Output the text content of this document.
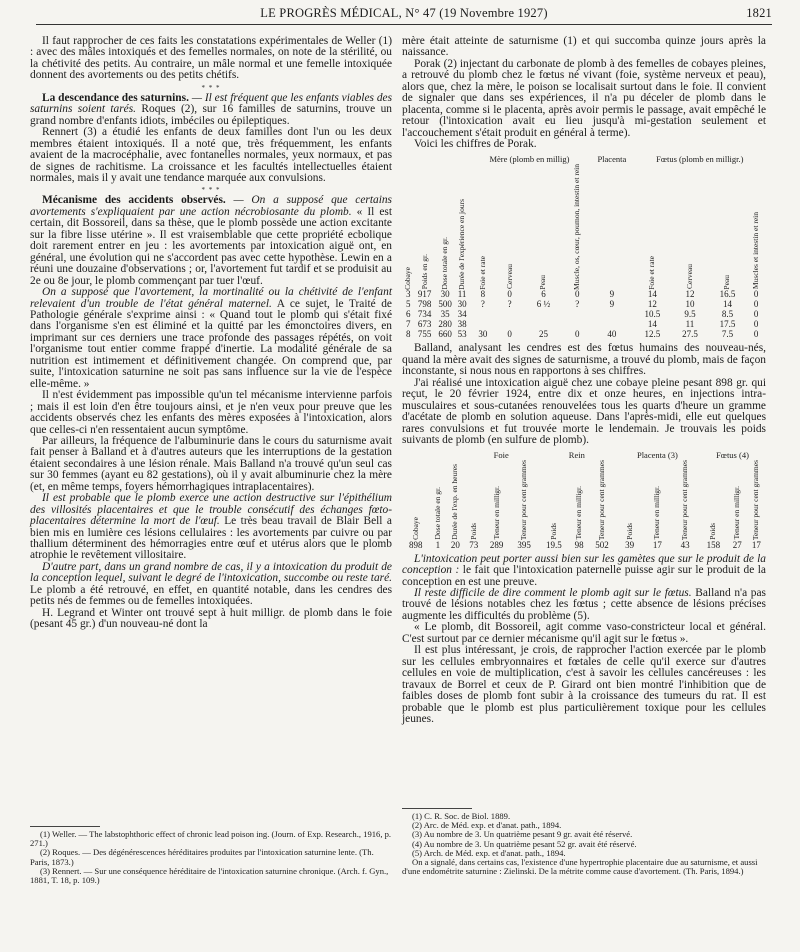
LE PROGRÈS MÉDICAL, N° 47 (19 Novembre 1927)	1821

Il faut rapprocher de ces faits les constatations expérimentales de Weller (1) : avec des mâles intoxiqués et des femelles normales, on note de la stérilité, ou la chétivité des petits. Au contraire, un mâle normal et une femelle intoxiquée donnent des avortements ou des petits chétifs.

* * *

La descendance des saturnins. — Il est fréquent que les enfants viables des saturnins soient tarés. Roques (2), sur 16 familles de saturnins, trouve un grand nombre d'enfants idiots, imbéciles ou épileptiques.

Rennert (3) a étudié les enfants de deux familles dont l'un ou les deux membres étaient intoxiqués. Il a noté que, très fréquemment, les enfants avaient de la macrocéphalie, avec fontanelles normales, yeux normaux, et pas de signes de rachitisme. La croissance et les facultés intellectuelles étaient normales, mais il y avait une tendance marquée aux convulsions.

* * *

Mécanisme des accidents observés. — On a supposé que certains avortements s'expliquaient par une action nécrobiosante du plomb. « Il est certain, dit Bossoreil, dans sa thèse, que le plomb possède une action excitante sur la fibre lisse utérine ». Il est vraisemblable que cette propriété ecbolique doit rarement entrer en jeu : les avortements par intoxication aiguë ont, en général, une évolution qui ne s'accordent pas avec cette hypothèse. Lewin en a réuni une douzaine d'observations ; or, l'avortement fut tardif et se produisit au 2e ou 8e jour, le plomb commençant par tuer l'œuf.

On a supposé que l'avortement, la mortinalité ou la chétivité de l'enfant relevaient d'un trouble de l'état général maternel. A ce sujet, le Traité de Pathologie générale s'exprime ainsi : « Quand tout le plomb qui s'était fixé dans l'organisme s'en est éliminé et la quitté par les émonctoires divers, en imprimant sur ces derniers une trace profonde des passages répétés, on voit l'organisme tout entier comme frappé d'inertie. La modalité générale de sa nutrition est intimement et définitivement changée. On comprend que, par suite, l'intoxication saturnine ne soit pas sans influence sur la vie de l'espèce elle-même. »

Il n'est évidemment pas impossible qu'un tel mécanisme intervienne parfois ; mais il est loin d'en être toujours ainsi, et je n'en veux pour preuve que les accidents observés chez les enfants des mères exposées à l'intoxication, alors que celles-ci n'en ressentaient aucun symptôme.

Par ailleurs, la fréquence de l'albuminurie dans le cours du saturnisme avait fait penser à Balland et à d'autres auteurs que les interruptions de la gestation étaient secondaires à une lésion rénale. Mais Balland n'a trouvé qu'un seul cas sur 30 femmes (ayant eu 82 gestations), où il y avait albuminurie chez la mère (et, en même temps, foyers hémorrhagiques intraplacentaires).

Il est probable que le plomb exerce une action destructive sur l'épithélium des villosités placentaires et que le trouble consécutif des échanges fœto-placentaires détermine la mort de l'œuf. Le très beau travail de Blair Bell a bien mis en lumière ces lésions cellulaires : les avortements par cuivre ou par thallium déterminent des hémorragies entre œuf et utérus alors que le plomb atrophie le revêtement villositaire.

D'autre part, dans un grand nombre de cas, il y a intoxication du produit de la conception lequel, suivant le degré de l'intoxication, succombe ou reste taré. Le plomb a été retrouvé, en effet, en quantité notable, dans les cendres des petits nés de femmes ou de femelles intoxiquées.

H. Legrand et Winter ont trouvé sept à huit milligr. de plomb dans le foie (pesant 45 gr.) d'un nouveau-né dont la

(1) Weller. — The labstophthoric effect of chronic lead poison ing. (Journ. of Exp. Research., 1916, p. 271.)

(2) Roques. — Des dégénérescences héréditaires produites par l'intoxication saturnine lente. (Th. Paris, 1873.)

(3) Rennert. — Sur une conséquence héréditaire de l'intoxication saturnine chronique. (Arch. f. Gyn., 1881, T. 18, p. 109.)

mère était atteinte de saturnisme (1) et qui succomba quinze jours après la naissance.

Porak (2) injectant du carbonate de plomb à des femelles de cobayes pleines, a retrouvé du plomb chez le fœtus né vivant (foie, système nerveux et peau), alors que, chez la mère, le poison se localisait surtout dans le foie. Il convient de signaler que dans ses expériences, il n'a pu déceler de plomb dans le placenta, comme si le placenta, après avoir permis le passage, avait empêché le retour (l'intoxication avait eu lieu jusqu'à mi-gestation seulement et l'accouchement s'était produit en général à terme).

Voici les chiffres de Porak.

				Mère (plomb en millig)				Placenta	Fœtus (plomb en milligr.)			

Cobaye	Poids en gr.	Dose totale en gr.	Durée de l'expérience en jours	Foie et rate	Cerveau	Peau	Muscle, os, cœur, poumon, intestin et rein		Foie et rate	Cerveau	Peau	Muscles et intestin et rein

3	917	30	11	8	0	6	0	9	14	12	16.5	0
5	798	500	30	?	?	6 ½	?	9	12	10	14	0
6	734	35	34						10.5	9.5	8.5	0
7	673	280	38						14	11	17.5	0
8	755	660	53	30	0	25	0	40	12.5	27.5	7.5	0

Balland, analysant les cendres est des fœtus humains des nouveau-nés, quand la mère avait des signes de saturnisme, a trouvé du plomb, mais de façon inconstante, si nous nous en rapportons à ses chiffres.

J'ai réalisé une intoxication aiguë chez une cobaye pleine pesant 898 gr. qui reçut, le 20 février 1924, entre dix et onze heures, en injections intra-musculaires et sous-cutanées renouvelées tous les quarts d'heure un gramme d'acétate de plomb en solution aqueuse. Dans l'après-midi, elle eut quelques rares convulsions et fut trouvée morte le lendemain. Je trouvais les poids suivants de plomb (en sulfure de plomb).

			Foie			Rein			Placenta (3)			Fœtus (4)		

Cobaye	Dose totale en gr.	Durée de l'exp. en heures	Poids	Teneur en milligr.	Teneur pour cent grammes	Poids	Teneur en milligr.	Teneur pour cent grammes	Poids	Teneur en milligr.	Teneur pour cent grammes	Poids	Teneur en milligr.	Teneur pour cent grammes

898	1	20	73	289	395	19.5	98	502	39	17	43	158	27	17

L'intoxication peut porter aussi bien sur les gamètes que sur le produit de la conception : le fait que l'intoxication paternelle puisse agir sur le produit de la conception en est une preuve.

Il reste difficile de dire comment le plomb agit sur le fœtus. Balland n'a pas trouvé de lésions notables chez les fœtus ; cette absence de lésions précises augmente les difficultés du problème (5).

« Le plomb, dit Bossoreil, agit comme vaso-constricteur local et général. C'est surtout par ce dernier mécanisme qu'il agit sur le fœtus ».

Il est plus intéressant, je crois, de rapprocher l'action exercée par le plomb sur les cellules embryonnaires et fœtales de celle qu'il exerce sur d'autres cellules en voie de multiplication, c'est à savoir les cellules cancéreuses : les travaux de Borrel et ceux de P. Girard ont bien montré l'inhibition que de faibles doses de plomb font subir à la croissance des tumeurs du rat. Il est probable que le plomb est plus particulièrement toxique pour les cellules jeunes.

(1) C. R. Soc. de Biol. 1889.

(2) Arc. de Méd. exp. et d'anat. path., 1894.

(3) Au nombre de 3. Un quatrième pesant 9 gr. avait été réservé.

(4) Au nombre de 3. Un quatrième pesant 52 gr. avait été réservé.

(5) Arch. de Méd. exp. et d'anat. path., 1894.

On a signalé, dans certains cas, l'existence d'une hypertrophie placentaire due au saturnisme, et aussi d'une endométrite saturnine : Zielinski. De la métrite comme cause d'avortement. (Th. Paris, 1894.)
